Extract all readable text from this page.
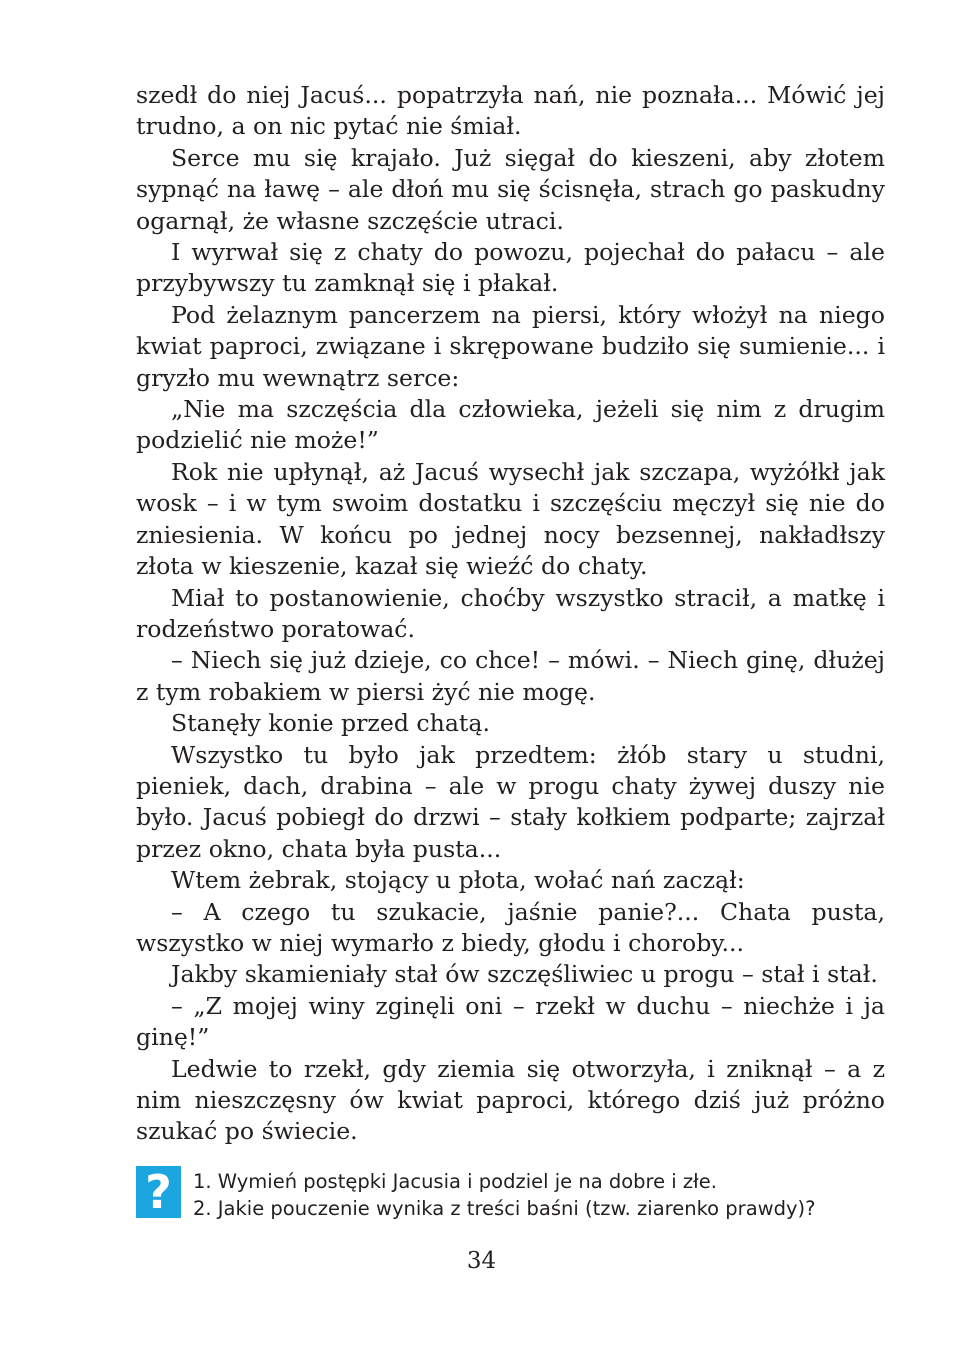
szedł do niej Jacuś... popatrzyła nań, nie poznała... Mówić jej trudno, a on nic pytać nie śmiał.

Serce mu się krajało. Już sięgał do kieszeni, aby złotem sypnąć na ławę – ale dłoń mu się ścisnęła, strach go paskudny ogarnął, że własne szczęście utraci.

I wyrwał się z chaty do powozu, pojechał do pałacu – ale przybywszy tu zamknął się i płakał.

Pod żelaznym pancerzem na piersi, który włożył na niego kwiat paproci, związane i skrępowane budziło się sumienie... i gryzło mu wewnątrz serce:

„Nie ma szczęścia dla człowieka, jeżeli się nim z drugim podzielić nie może!”

Rok nie upłynął, aż Jacuś wysechł jak szczapa, wyżółkł jak wosk – i w tym swoim dostatku i szczęściu męczył się nie do zniesienia. W końcu po jednej nocy bezsennej, nakładłszy złota w kieszenie, kazał się wieźć do chaty.

Miał to postanowienie, choćby wszystko stracił, a matkę i rodzeństwo poratować.

– Niech się już dzieje, co chce! – mówi. – Niech ginę, dłużej z tym robakiem w piersi żyć nie mogę.

Stanęły konie przed chatą.

Wszystko tu było jak przedtem: żłób stary u studni, pieniek, dach, drabina – ale w progu chaty żywej duszy nie było. Jacuś pobiegł do drzwi – stały kołkiem podparte; zajrzał przez okno, chata była pusta...

Wtem żebrak, stojący u płota, wołać nań zaczął:

– A czego tu szukacie, jaśnie panie?... Chata pusta, wszystko w niej wymarło z biedy, głodu i choroby...

Jakby skamieniały stał ów szczęśliwiec u progu – stał i stał.

– „Z mojej winy zginęli oni – rzekł w duchu – niechże i ja ginę!”

Ledwie to rzekł, gdy ziemia się otworzyła, i zniknął – a z nim nieszczęsny ów kwiat paproci, którego dziś już próżno szukać po świecie.

?	1. Wymień postępki Jacusia i podziel je na dobre i złe.
2. Jakie pouczenie wynika z treści baśni (tzw. ziarenko prawdy)?
34
